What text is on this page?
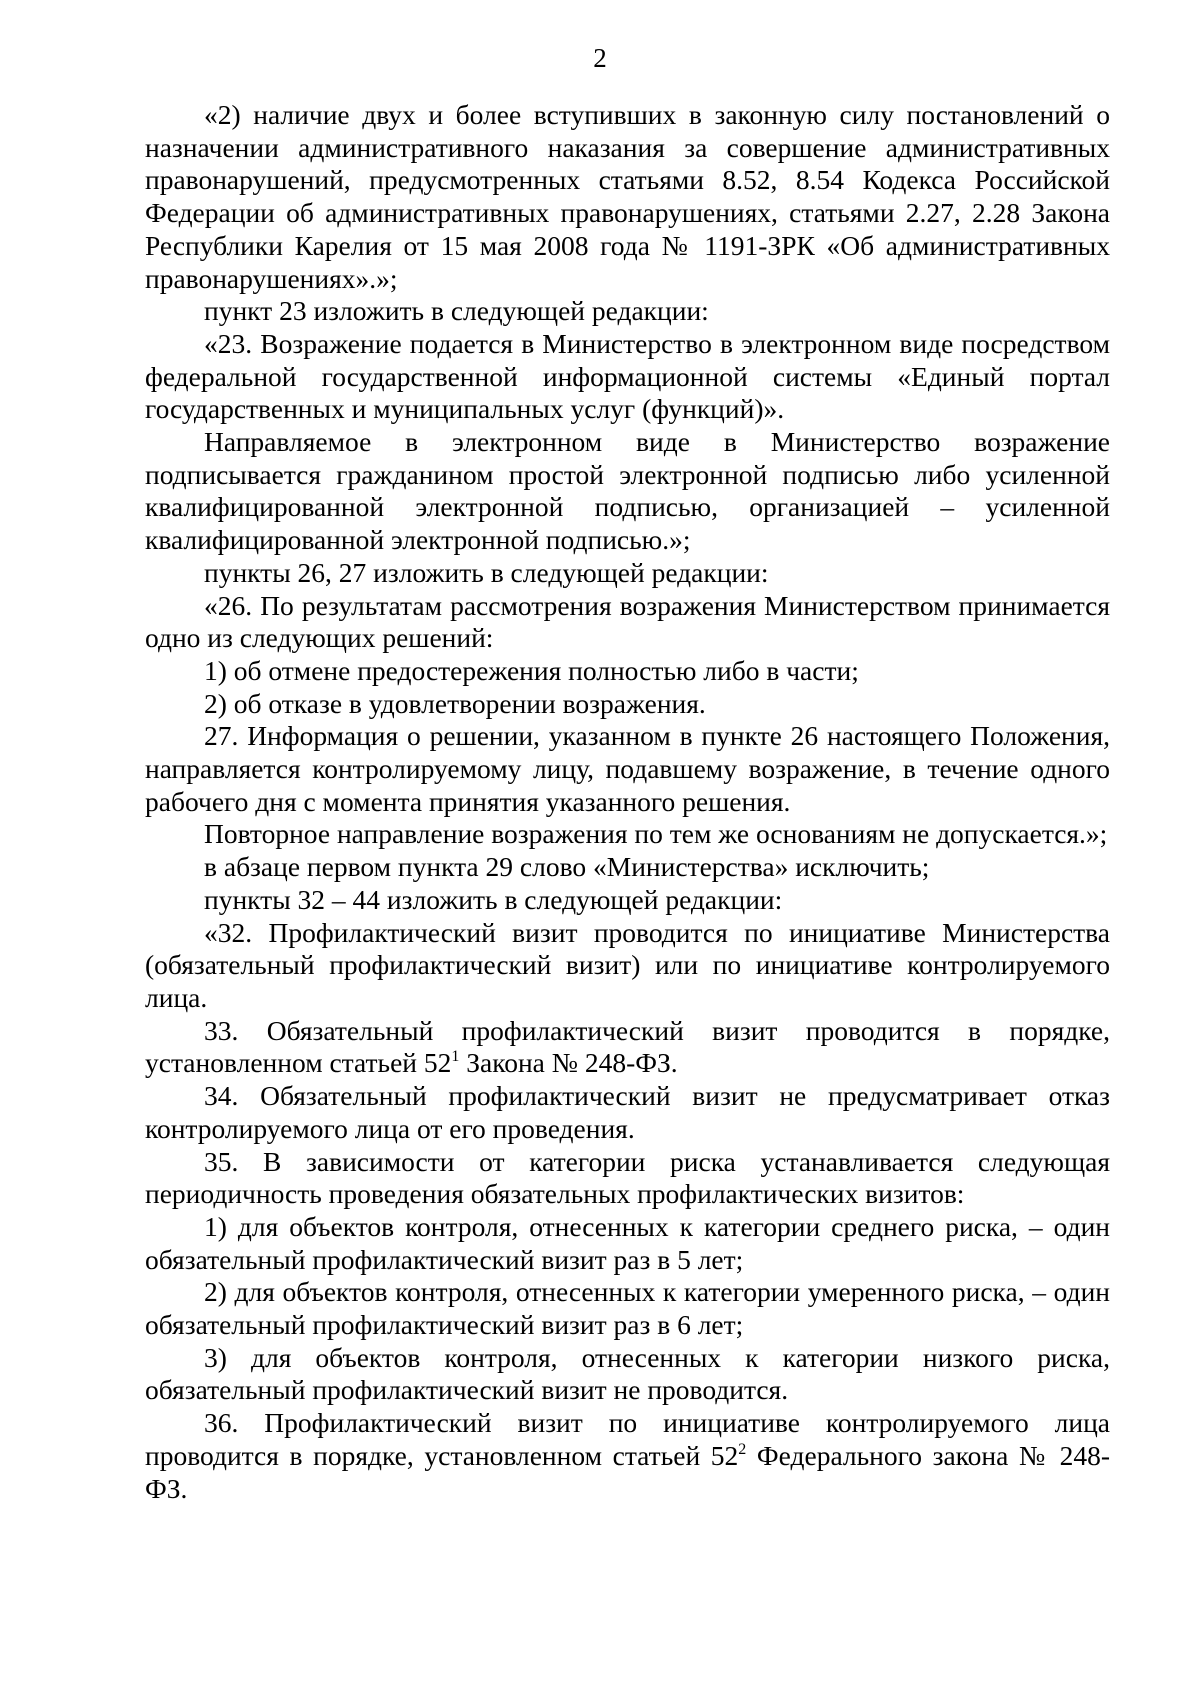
2

«2) наличие двух и более вступивших в законную силу постановлений о назначении административного наказания за совершение административных правонарушений, предусмотренных статьями 8.52, 8.54 Кодекса Российской Федерации об административных правонарушениях, статьями 2.27, 2.28 Закона Республики Карелия от 15 мая 2008 года № 1191-ЗРК «Об административных правонарушениях».»;

пункт 23 изложить в следующей редакции:

«23. Возражение подается в Министерство в электронном виде посредством федеральной государственной информационной системы «Единый портал государственных и муниципальных услуг (функций)».

Направляемое в электронном виде в Министерство возражение подписывается гражданином простой электронной подписью либо усиленной квалифицированной электронной подписью, организацией – усиленной квалифицированной электронной подписью.»;

пункты 26, 27 изложить в следующей редакции:

«26. По результатам рассмотрения возражения Министерством принимается одно из следующих решений:

1) об отмене предостережения полностью либо в части;

2) об отказе в удовлетворении возражения.

27. Информация о решении, указанном в пункте 26 настоящего Положения, направляется контролируемому лицу, подавшему возражение, в течение одного рабочего дня с момента принятия указанного решения.

Повторное направление возражения по тем же основаниям не допускается.»;

в абзаце первом пункта 29 слово «Министерства» исключить;

пункты 32 – 44 изложить в следующей редакции:

«32. Профилактический визит проводится по инициативе Министерства (обязательный профилактический визит) или по инициативе контролируемого лица.

33. Обязательный профилактический визит проводится в порядке, установленном статьей $52^1$ Закона № 248-ФЗ.

34. Обязательный профилактический визит не предусматривает отказ контролируемого лица от его проведения.

35. В зависимости от категории риска устанавливается следующая периодичность проведения обязательных профилактических визитов:

1) для объектов контроля, отнесенных к категории среднего риска, – один обязательный профилактический визит раз в 5 лет;

2) для объектов контроля, отнесенных к категории умеренного риска, – один обязательный профилактический визит раз в 6 лет;

3) для объектов контроля, отнесенных к категории низкого риска, обязательный профилактический визит не проводится.

36. Профилактический визит по инициативе контролируемого лица проводится в порядке, установленном статьей $52^2$ Федерального закона № 248-ФЗ.
